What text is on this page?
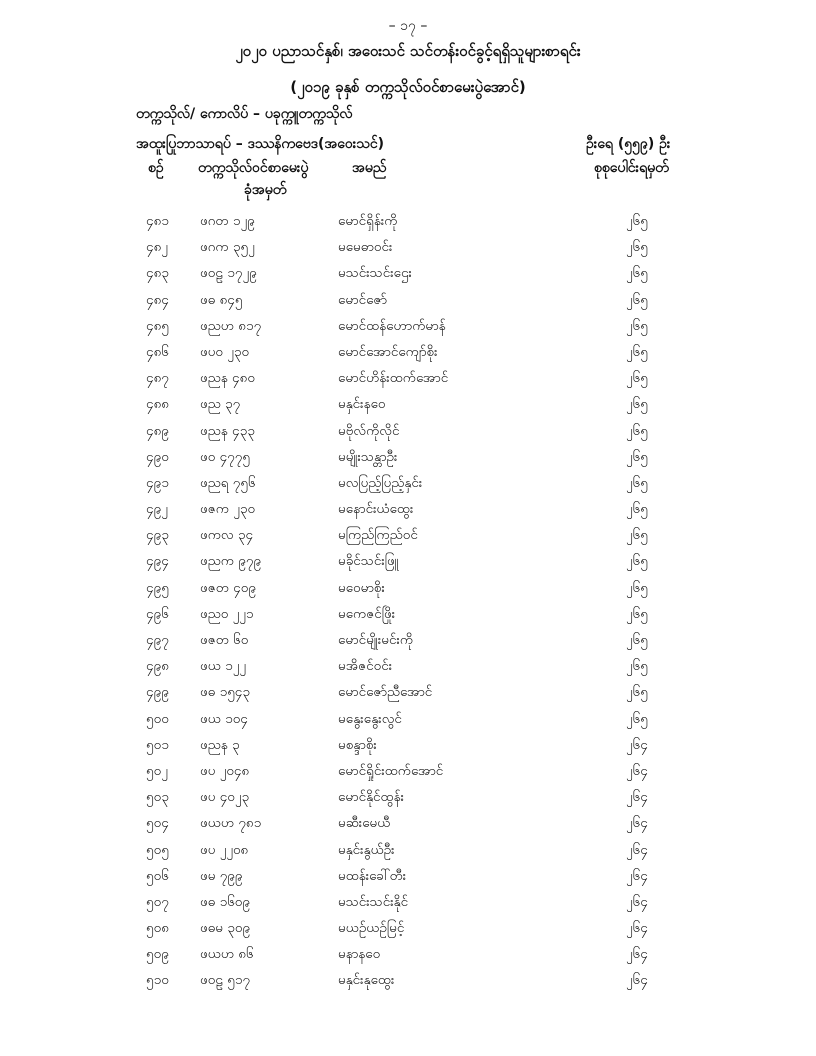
– ၁၇ –
၂၀၂၀ ပညာသင်နှစ်၊ အဝေးသင် သင်တန်းဝင်ခွင့်ရရှိသူများစာရင်း
(၂၀၁၉ ခုနှစ် တက္ကသိုလ်ဝင်စာမေးပွဲအောင်)
တက္ကသိုလ်/ ကောလိပ် – ပခုက္ကူတက္ကသိုလ်
အထူးပြုဘာသာရပ် – ဒဿနိကဗေဒ(အဝေးသင်)	ဦးရေ (၅၅၉) ဦး
စဉ် တက္ကသိုလ်ဝင်စာမေးပွဲ
ခုံအမှတ်
အမည်	စုစုပေါင်းရမှတ်
၄၈၁ ဖဂတ ၁၂၉	မောင်ရှိန်းကို	၂၆၅
၄၈၂ ဖဂက ၃၅၂	မမေဓာဝင်း	၂၆၅
၄၈၃ ဖဝဠ ၁၇၂၉	မသင်းသင်းဌေး	၂၆၅
၄၈၄ ဖဓ ၈၄၅	မောင်ဇော်	၂၆၅
၄၈၅ ဖညဟ ၈၁၇	မောင်ထန်ဟောက်မာန်	၂၆၅
၄၈၆ ဖပ၀ ၂၃၀	မောင်အောင်ကျော်စိုး	၂၆၅
၄၈၇ ဖညန ၄၈၀	မောင်ဟိန်းထက်အောင်	၂၆၅
၄၈၈ ဖည ၃၇	မနှင်းနဝေ	၂၆၅
၄၈၉ ဖညန ၄၃၃	မဗိုလ်ကိုလိုင်	၂၆၅
၄၉၀ ဖဝ ၄၇၇၅	မမျိုးသန္တာဦး	၂၆၅
၄၉၁ ဖညရ ၇၅၆	မလပြည့်ပြည့်နှင်း	၂၆၅
၄၉၂ ဖဇက ၂၃၀	မနောင်းယံထွေး	၂၆၅
၄၉၃ ဖကလ ၃၄	မကြည်ကြည်ဝင်	၂၆၅
၄၉၄ ဖညက ၉၇၉	မခိုင်သင်းဖြူ	၂၆၅
၄၉၅ ဖဇတ ၄၀၉	မဝေမာစိုး	၂၆၅
၄၉၆ ဖည၀ ၂၂၁	မကေဇင်ဖြိုး	၂၆၅
၄၉၇ ဖဇတ ၆၀	မောင်မျိုးမင်းကို	၂၆၅
၄၉၈ ဖယ ၁၂၂	မအိဇင်ဝင်း	၂၆၅
၄၉၉ ဖဓ ၁၅၄၃	မောင်ဇော်ညီအောင်	၂၆၅
၅၀၀ ဖယ ၁၀၄	မနွေးနွေးလွင်	၂၆၅
၅၀၁ ဖညန ၃	မစန္ဒာစိုး	၂၆၄
၅၀၂ ဖပ ၂၀၄၈	မောင်ရှိုင်းထက်အောင်	၂၆၄
၅၀၃ ဖပ ၄၀၂၃	မောင်နိုင်ထွန်း	၂၆၄
၅၀၄ ဖယဟ ၇၈၁	မဆီးမေယီ	၂၆၄
၅၀၅ ဖပ ၂၂၀၈	မနှင်းနွယ်ဦး	၂၆၄
၅၀၆ ဖမ ၇၉၉	မထန်းခေါ်တီး	၂၆၄
၅၀၇ ဖဓ ၁၆၀၉	မသင်းသင်းနိုင်	၂၆၄
၅၀၈ ဖဓမ ၃၀၉	မယဉ်ယဉ်မြင့်	၂၆၄
၅၀၉ ဖယဟ ၈၆	မနာနဝေ	၂၆၄
၅၁၀ ဖဝဠ ၅၁၇	မနှင်းနုထွေး	၂၆၄
